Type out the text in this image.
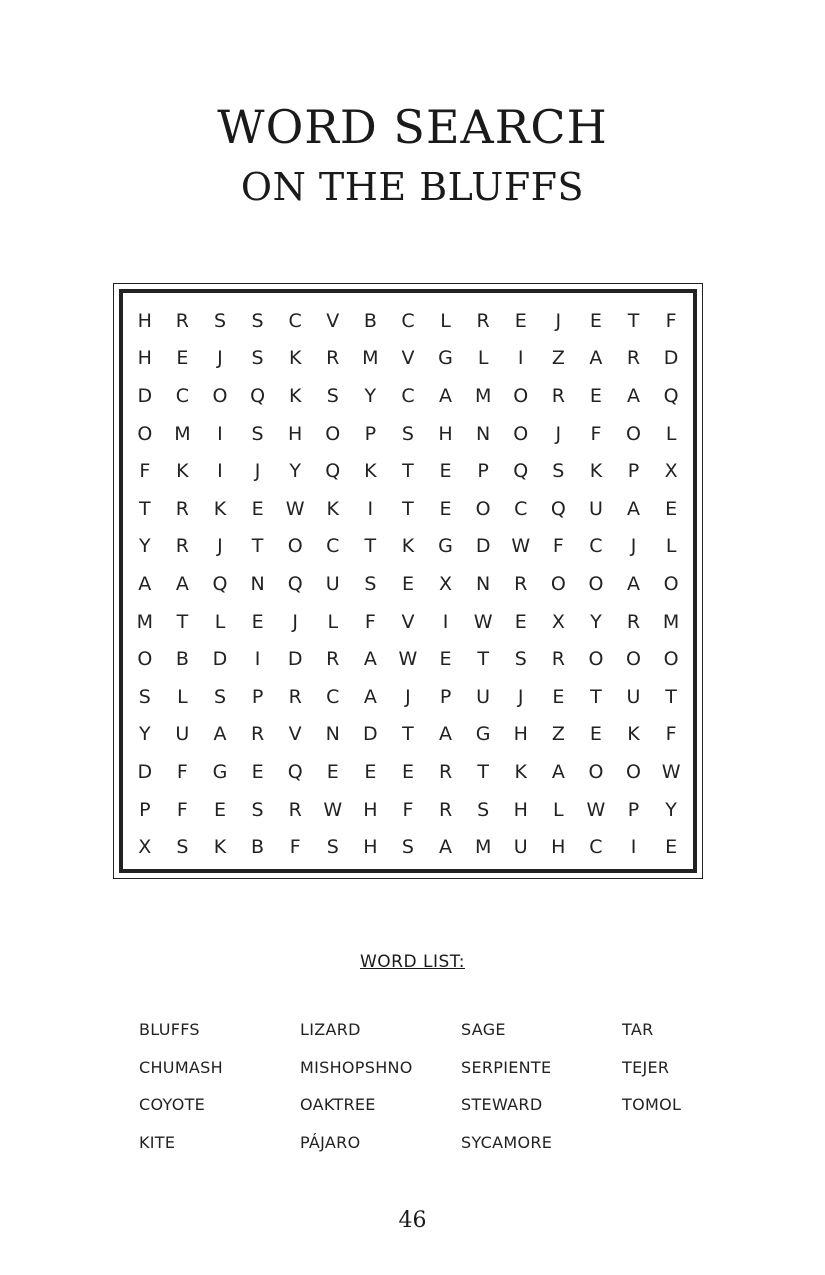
WORD SEARCH
ON THE BLUFFS
H	R	S	S	C	V	B	C	L	R	E	J	E	T	F
H	E	J	S	K	R	M	V	G	L	I	Z	A	R	D
D	C	O	Q	K	S	Y	C	A	M	O	R	E	A	Q
O	M	I	S	H	O	P	S	H	N	O	J	F	O	L
F	K	I	J	Y	Q	K	T	E	P	Q	S	K	P	X
T	R	K	E	W	K	I	T	E	O	C	Q	U	A	E
Y	R	J	T	O	C	T	K	G	D	W	F	C	J	L
A	A	Q	N	Q	U	S	E	X	N	R	O	O	A	O
M	T	L	E	J	L	F	V	I	W	E	X	Y	R	M
O	B	D	I	D	R	A	W	E	T	S	R	O	O	O
S	L	S	P	R	C	A	J	P	U	J	E	T	U	T
Y	U	A	R	V	N	D	T	A	G	H	Z	E	K	F
D	F	G	E	Q	E	E	E	R	T	K	A	O	O	W
P	F	E	S	R	W	H	F	R	S	H	L	W	P	Y
X	S	K	B	F	S	H	S	A	M	U	H	C	I	E
WORD LIST:
BLUFFS
CHUMASH
COYOTE
KITE
LIZARD
MISHOPSHNO
OAKTREE
PÁJARO
SAGE
SERPIENTE
STEWARD
SYCAMORE
TAR
TEJER
TOMOL
46
